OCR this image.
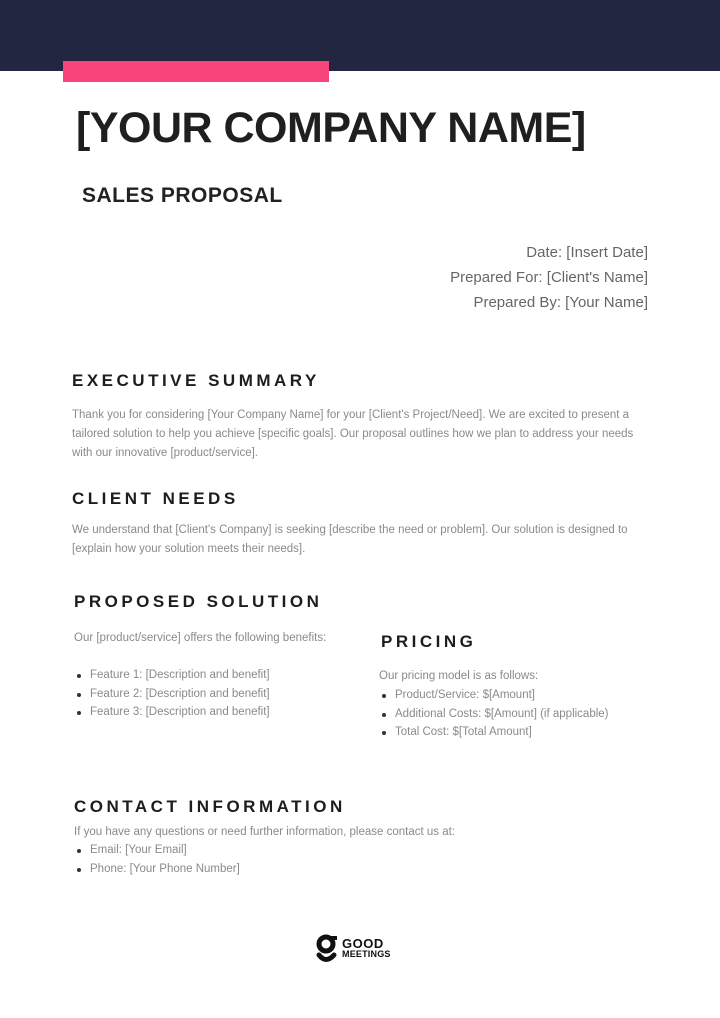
[YOUR COMPANY NAME]
SALES PROPOSAL
Date: [Insert Date]
Prepared For: [Client's Name]
Prepared By: [Your Name]
EXECUTIVE SUMMARY
Thank you for considering [Your Company Name] for your [Client's Project/Need]. We are excited to present a tailored solution to help you achieve [specific goals]. Our proposal outlines how we plan to address your needs with our innovative [product/service].
CLIENT NEEDS
We understand that [Client's Company] is seeking [describe the need or problem]. Our solution is designed to [explain how your solution meets their needs].
PROPOSED SOLUTION
Our [product/service] offers the following benefits:
Feature 1: [Description and benefit]
Feature 2: [Description and benefit]
Feature 3: [Description and benefit]
PRICING
Our pricing model is as follows:
Product/Service: $[Amount]
Additional Costs: $[Amount] (if applicable)
Total Cost: $[Total Amount]
CONTACT INFORMATION
If you have any questions or need further information, please contact us at:
Email: [Your Email]
Phone: [Your Phone Number]
GOOD
MEETINGS
